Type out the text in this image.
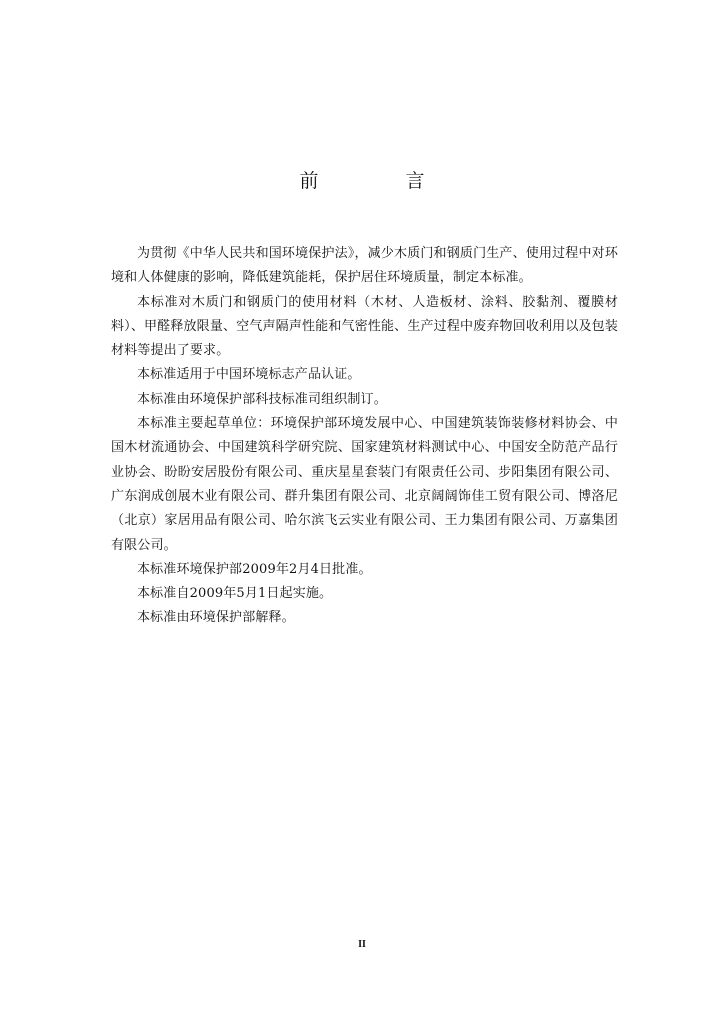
前　言

为贯彻《中华人民共和国环境保护法》，减少木质门和钢质门生产、使用过程中对环境和人体健康的影响，降低建筑能耗，保护居住环境质量，制定本标准。

本标准对木质门和钢质门的使用材料（木材、人造板材、涂料、胶黏剂、覆膜材料）、甲醛释放限量、空气声隔声性能和气密性能、生产过程中废弃物回收利用以及包装材料等提出了要求。

本标准适用于中国环境标志产品认证。

本标准由环境保护部科技标准司组织制订。

本标准主要起草单位：环境保护部环境发展中心、中国建筑装饰装修材料协会、中国木材流通协会、中国建筑科学研究院、国家建筑材料测试中心、中国安全防范产品行业协会、盼盼安居股份有限公司、重庆星星套装门有限责任公司、步阳集团有限公司、广东润成创展木业有限公司、群升集团有限公司、北京阔阔饰佳工贸有限公司、博洛尼（北京）家居用品有限公司、哈尔滨飞云实业有限公司、王力集团有限公司、万嘉集团有限公司。

本标准环境保护部2009年2月4日批准。

本标准自2009年5月1日起实施。

本标准由环境保护部解释。

II
